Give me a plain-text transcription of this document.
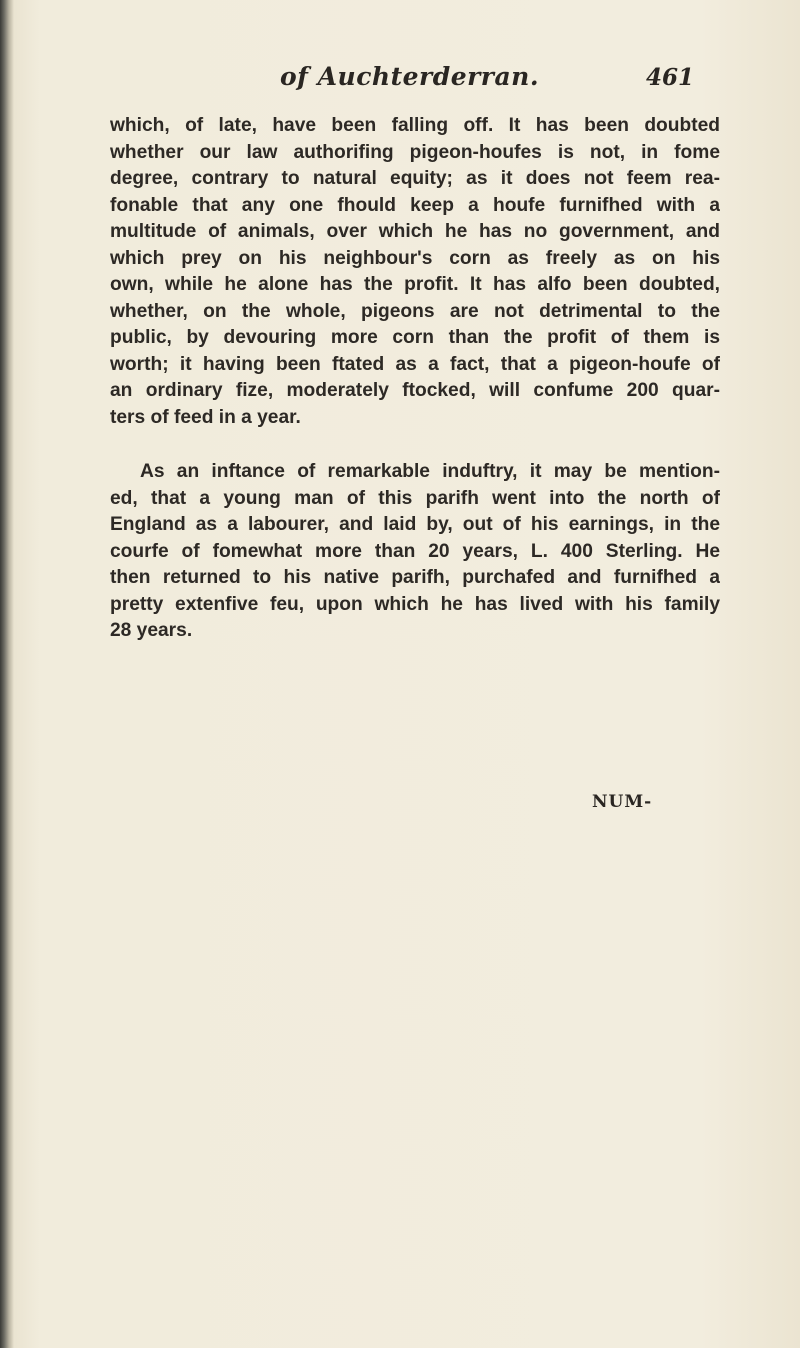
of Auchterderran.	461
which, of late, have been falling off. It has been doubted
whether our law authorifing pigeon-houfes is not, in fome
degree, contrary to natural equity; as it does not feem rea-
fonable that any one fhould keep a houfe furnifhed with a
multitude of animals, over which he has no government, and
which prey on his neighbour's corn as freely as on his
own, while he alone has the profit. It has alfo been doubted,
whether, on the whole, pigeons are not detrimental to the
public, by devouring more corn than the profit of them is
worth; it having been ftated as a fact, that a pigeon-houfe of
an ordinary fize, moderately ftocked, will confume 200 quar-
ters of feed in a year.
As an inftance of remarkable induftry, it may be mention-
ed, that a young man of this parifh went into the north of
England as a labourer, and laid by, out of his earnings, in the
courfe of fomewhat more than 20 years, L. 400 Sterling. He
then returned to his native parifh, purchafed and furnifhed a
pretty extenfive feu, upon which he has lived with his family
28 years.
NUM-
